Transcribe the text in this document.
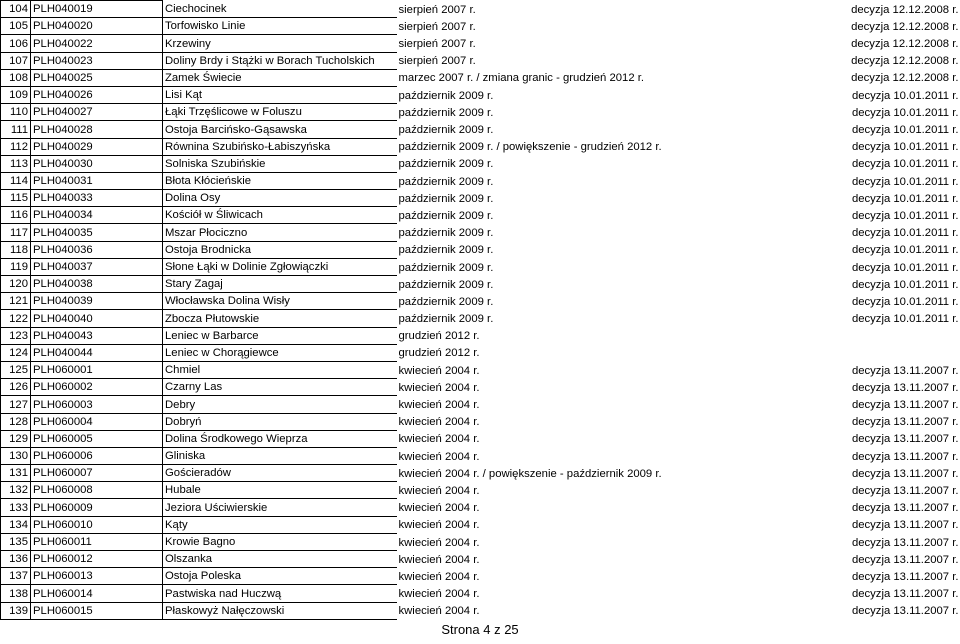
104	PLH040019	Ciechocinek	sierpień 2007 r.	decyzja 12.12.2008 r.
105	PLH040020	Torfowisko Linie	sierpień 2007 r.	decyzja 12.12.2008 r.
106	PLH040022	Krzewiny	sierpień 2007 r.	decyzja 12.12.2008 r.
107	PLH040023	Doliny Brdy i Stążki w Borach Tucholskich	sierpień 2007 r.	decyzja 12.12.2008 r.
108	PLH040025	Zamek Świecie	marzec 2007 r. / zmiana granic - grudzień 2012 r.	decyzja 12.12.2008 r.
109	PLH040026	Lisi Kąt	październik 2009 r.	decyzja 10.01.2011 r.
110	PLH040027	Łąki Trzęślicowe w Foluszu	październik 2009 r.	decyzja 10.01.2011 r.
111	PLH040028	Ostoja Barcińsko-Gąsawska	październik 2009 r.	decyzja 10.01.2011 r.
112	PLH040029	Równina Szubińsko-Łabiszyńska	październik 2009 r. / powiększenie - grudzień 2012 r.	decyzja 10.01.2011 r.
113	PLH040030	Solniska Szubińskie	październik 2009 r.	decyzja 10.01.2011 r.
114	PLH040031	Błota Kłócieńskie	październik 2009 r.	decyzja 10.01.2011 r.
115	PLH040033	Dolina Osy	październik 2009 r.	decyzja 10.01.2011 r.
116	PLH040034	Kościół w Śliwicach	październik 2009 r.	decyzja 10.01.2011 r.
117	PLH040035	Mszar Płociczno	październik 2009 r.	decyzja 10.01.2011 r.
118	PLH040036	Ostoja Brodnicka	październik 2009 r.	decyzja 10.01.2011 r.
119	PLH040037	Słone Łąki w Dolinie Zgłowiączki	październik 2009 r.	decyzja 10.01.2011 r.
120	PLH040038	Stary Zagaj	październik 2009 r.	decyzja 10.01.2011 r.
121	PLH040039	Włocławska Dolina Wisły	październik 2009 r.	decyzja 10.01.2011 r.
122	PLH040040	Zbocza Płutowskie	październik 2009 r.	decyzja 10.01.2011 r.
123	PLH040043	Leniec w Barbarce	grudzień 2012 r.	
124	PLH040044	Leniec w Chorągiewce	grudzień 2012 r.	
125	PLH060001	Chmiel	kwiecień 2004 r.	decyzja 13.11.2007 r.
126	PLH060002	Czarny Las	kwiecień 2004 r.	decyzja 13.11.2007 r.
127	PLH060003	Debry	kwiecień 2004 r.	decyzja 13.11.2007 r.
128	PLH060004	Dobryń	kwiecień 2004 r.	decyzja 13.11.2007 r.
129	PLH060005	Dolina Środkowego Wieprza	kwiecień 2004 r.	decyzja 13.11.2007 r.
130	PLH060006	Gliniska	kwiecień 2004 r.	decyzja 13.11.2007 r.
131	PLH060007	Gościeradów	kwiecień 2004 r. / powiększenie - październik 2009 r.	decyzja 13.11.2007 r.
132	PLH060008	Hubale	kwiecień 2004 r.	decyzja 13.11.2007 r.
133	PLH060009	Jeziora Uściwierskie	kwiecień 2004 r.	decyzja 13.11.2007 r.
134	PLH060010	Kąty	kwiecień 2004 r.	decyzja 13.11.2007 r.
135	PLH060011	Krowie Bagno	kwiecień 2004 r.	decyzja 13.11.2007 r.
136	PLH060012	Olszanka	kwiecień 2004 r.	decyzja 13.11.2007 r.
137	PLH060013	Ostoja Poleska	kwiecień 2004 r.	decyzja 13.11.2007 r.
138	PLH060014	Pastwiska nad Huczwą	kwiecień 2004 r.	decyzja 13.11.2007 r.
139	PLH060015	Płaskowyż Nałęczowski	kwiecień 2004 r.	decyzja 13.11.2007 r.
Strona 4 z 25
